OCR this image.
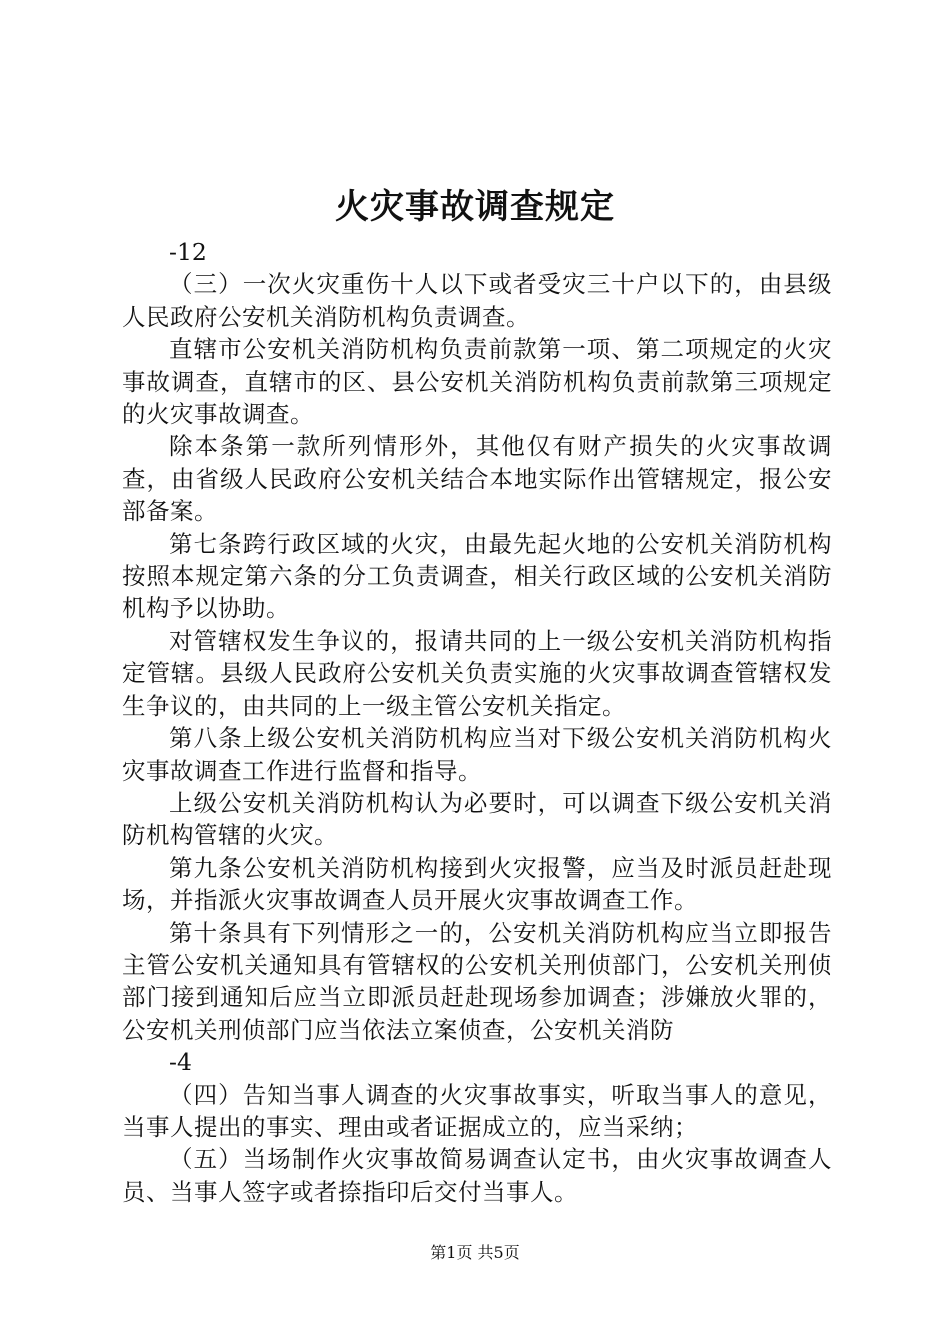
火灾事故调查规定

-12

（三）一次火灾重伤十人以下或者受灾三十户以下的，由县级人民政府公安机关消防机构负责调查。

直辖市公安机关消防机构负责前款第一项、第二项规定的火灾事故调查，直辖市的区、县公安机关消防机构负责前款第三项规定的火灾事故调查。

除本条第一款所列情形外，其他仅有财产损失的火灾事故调查，由省级人民政府公安机关结合本地实际作出管辖规定，报公安部备案。

第七条跨行政区域的火灾，由最先起火地的公安机关消防机构按照本规定第六条的分工负责调查，相关行政区域的公安机关消防机构予以协助。

对管辖权发生争议的，报请共同的上一级公安机关消防机构指定管辖。县级人民政府公安机关负责实施的火灾事故调查管辖权发生争议的，由共同的上一级主管公安机关指定。

第八条上级公安机关消防机构应当对下级公安机关消防机构火灾事故调查工作进行监督和指导。

上级公安机关消防机构认为必要时，可以调查下级公安机关消防机构管辖的火灾。

第九条公安机关消防机构接到火灾报警，应当及时派员赶赴现场，并指派火灾事故调查人员开展火灾事故调查工作。

第十条具有下列情形之一的，公安机关消防机构应当立即报告主管公安机关通知具有管辖权的公安机关刑侦部门，公安机关刑侦部门接到通知后应当立即派员赶赴现场参加调查；涉嫌放火罪的，公安机关刑侦部门应当依法立案侦查，公安机关消防

-4

（四）告知当事人调查的火灾事故事实，听取当事人的意见，当事人提出的事实、理由或者证据成立的，应当采纳；

（五）当场制作火灾事故简易调查认定书，由火灾事故调查人员、当事人签字或者捺指印后交付当事人。

第1页 共5页
